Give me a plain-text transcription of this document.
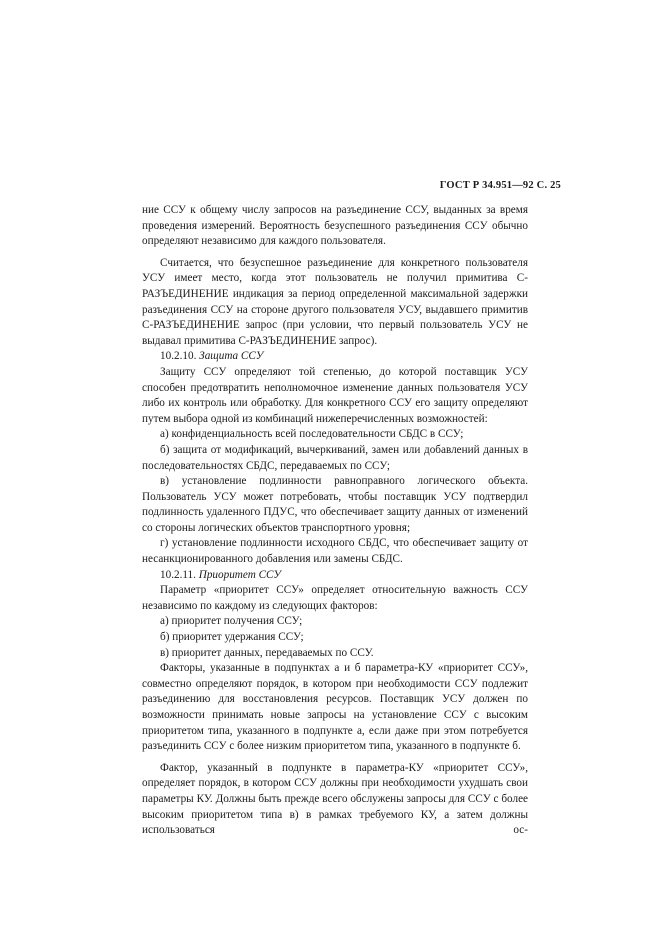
ГОСТ Р 34.951—92 С. 25

ние ССУ к общему числу запросов на разъединение ССУ, выданных за время проведения измерений. Вероятность безуспешного разъединения ССУ обычно определяют независимо для каждого пользователя.

Считается, что безуспешное разъединение для конкретного пользователя УСУ имеет место, когда этот пользователь не получил примитива С-РАЗЪЕДИНЕНИЕ индикация за период определенной максимальной задержки разъединения ССУ на стороне другого пользователя УСУ, выдавшего примитив С-РАЗЪЕДИНЕНИЕ запрос (при условии, что первый пользователь УСУ не выдавал примитива С-РАЗЪЕДИНЕНИЕ запрос).

10.2.10. Защита ССУ

Защиту ССУ определяют той степенью, до которой поставщик УСУ способен предотвратить неполномочное изменение данных пользователя УСУ либо их контроль или обработку. Для конкретного ССУ его защиту определяют путем выбора одной из комбинаций нижеперечисленных возможностей:

а) конфиденциальность всей последовательности СБДС в ССУ;

б) защита от модификаций, вычеркиваний, замен или добавлений данных в последовательностях СБДС, передаваемых по ССУ;

в) установление подлинности равноправного логического объекта. Пользователь УСУ может потребовать, чтобы поставщик УСУ подтвердил подлинность удаленного ПДУС, что обеспечивает защиту данных от изменений со стороны логических объектов транспортного уровня;

г) установление подлинности исходного СБДС, что обеспечивает защиту от несанкционированного добавления или замены СБДС.

10.2.11. Приоритет ССУ

Параметр «приоритет ССУ» определяет относительную важность ССУ независимо по каждому из следующих факторов:

а) приоритет получения ССУ;

б) приоритет удержания ССУ;

в) приоритет данных, передаваемых по ССУ.

Факторы, указанные в подпунктах а и б параметра-КУ «приоритет ССУ», совместно определяют порядок, в котором при необходимости ССУ подлежит разъединению для восстановления ресурсов. Поставщик УСУ должен по возможности принимать новые запросы на установление ССУ с высоким приоритетом типа, указанного в подпункте а, если даже при этом потребуется разъединить ССУ с более низким приоритетом типа, указанного в подпункте б.

Фактор, указанный в подпункте в параметра-КУ «приоритет ССУ», определяет порядок, в котором ССУ должны при необходимости ухудшать свои параметры КУ. Должны быть прежде всего обслужены запросы для ССУ с более высоким приоритетом типа в) в рамках требуемого КУ, а затем должны использоваться ос-
